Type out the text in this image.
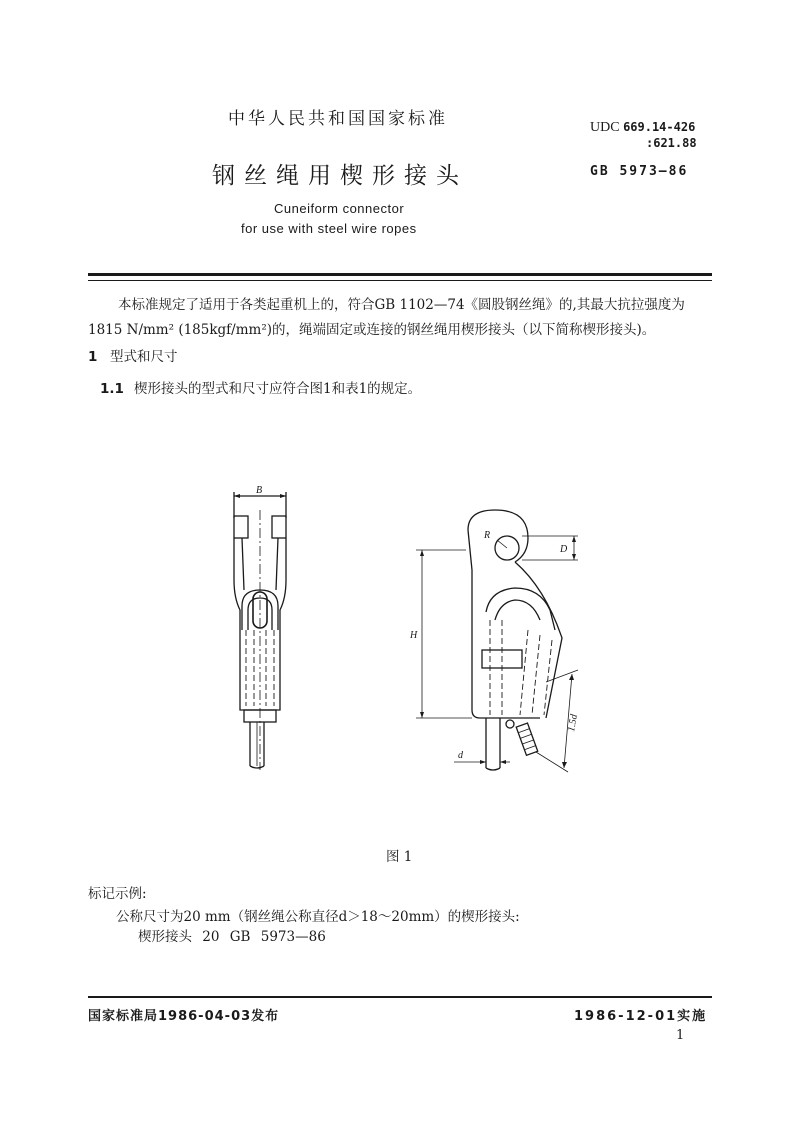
中华人民共和国国家标准
钢丝绳用楔形接头
Cuneiform connector
for use with steel wire ropes
UDC 669.14-426
:621.88
GB 5973—86
本标准规定了适用于各类起重机上的，符合GB 1102—74《圆股钢丝绳》的,其最大抗拉强度为1815 N/mm² (185kgf/mm²)的，绳端固定或连接的钢丝绳用楔形接头（以下简称楔形接头)。
1 型式和尺寸
1.1 楔形接头的型式和尺寸应符合图1和表1的规定。
B
R
D
H
d
1.5d
图 1
标记示例:
公称尺寸为20 mm（钢丝绳公称直径d＞18～20mm）的楔形接头:
楔形接头 20 GB 5973—86
国家标准局1986-04-03发布	1986-12-01实施
1
